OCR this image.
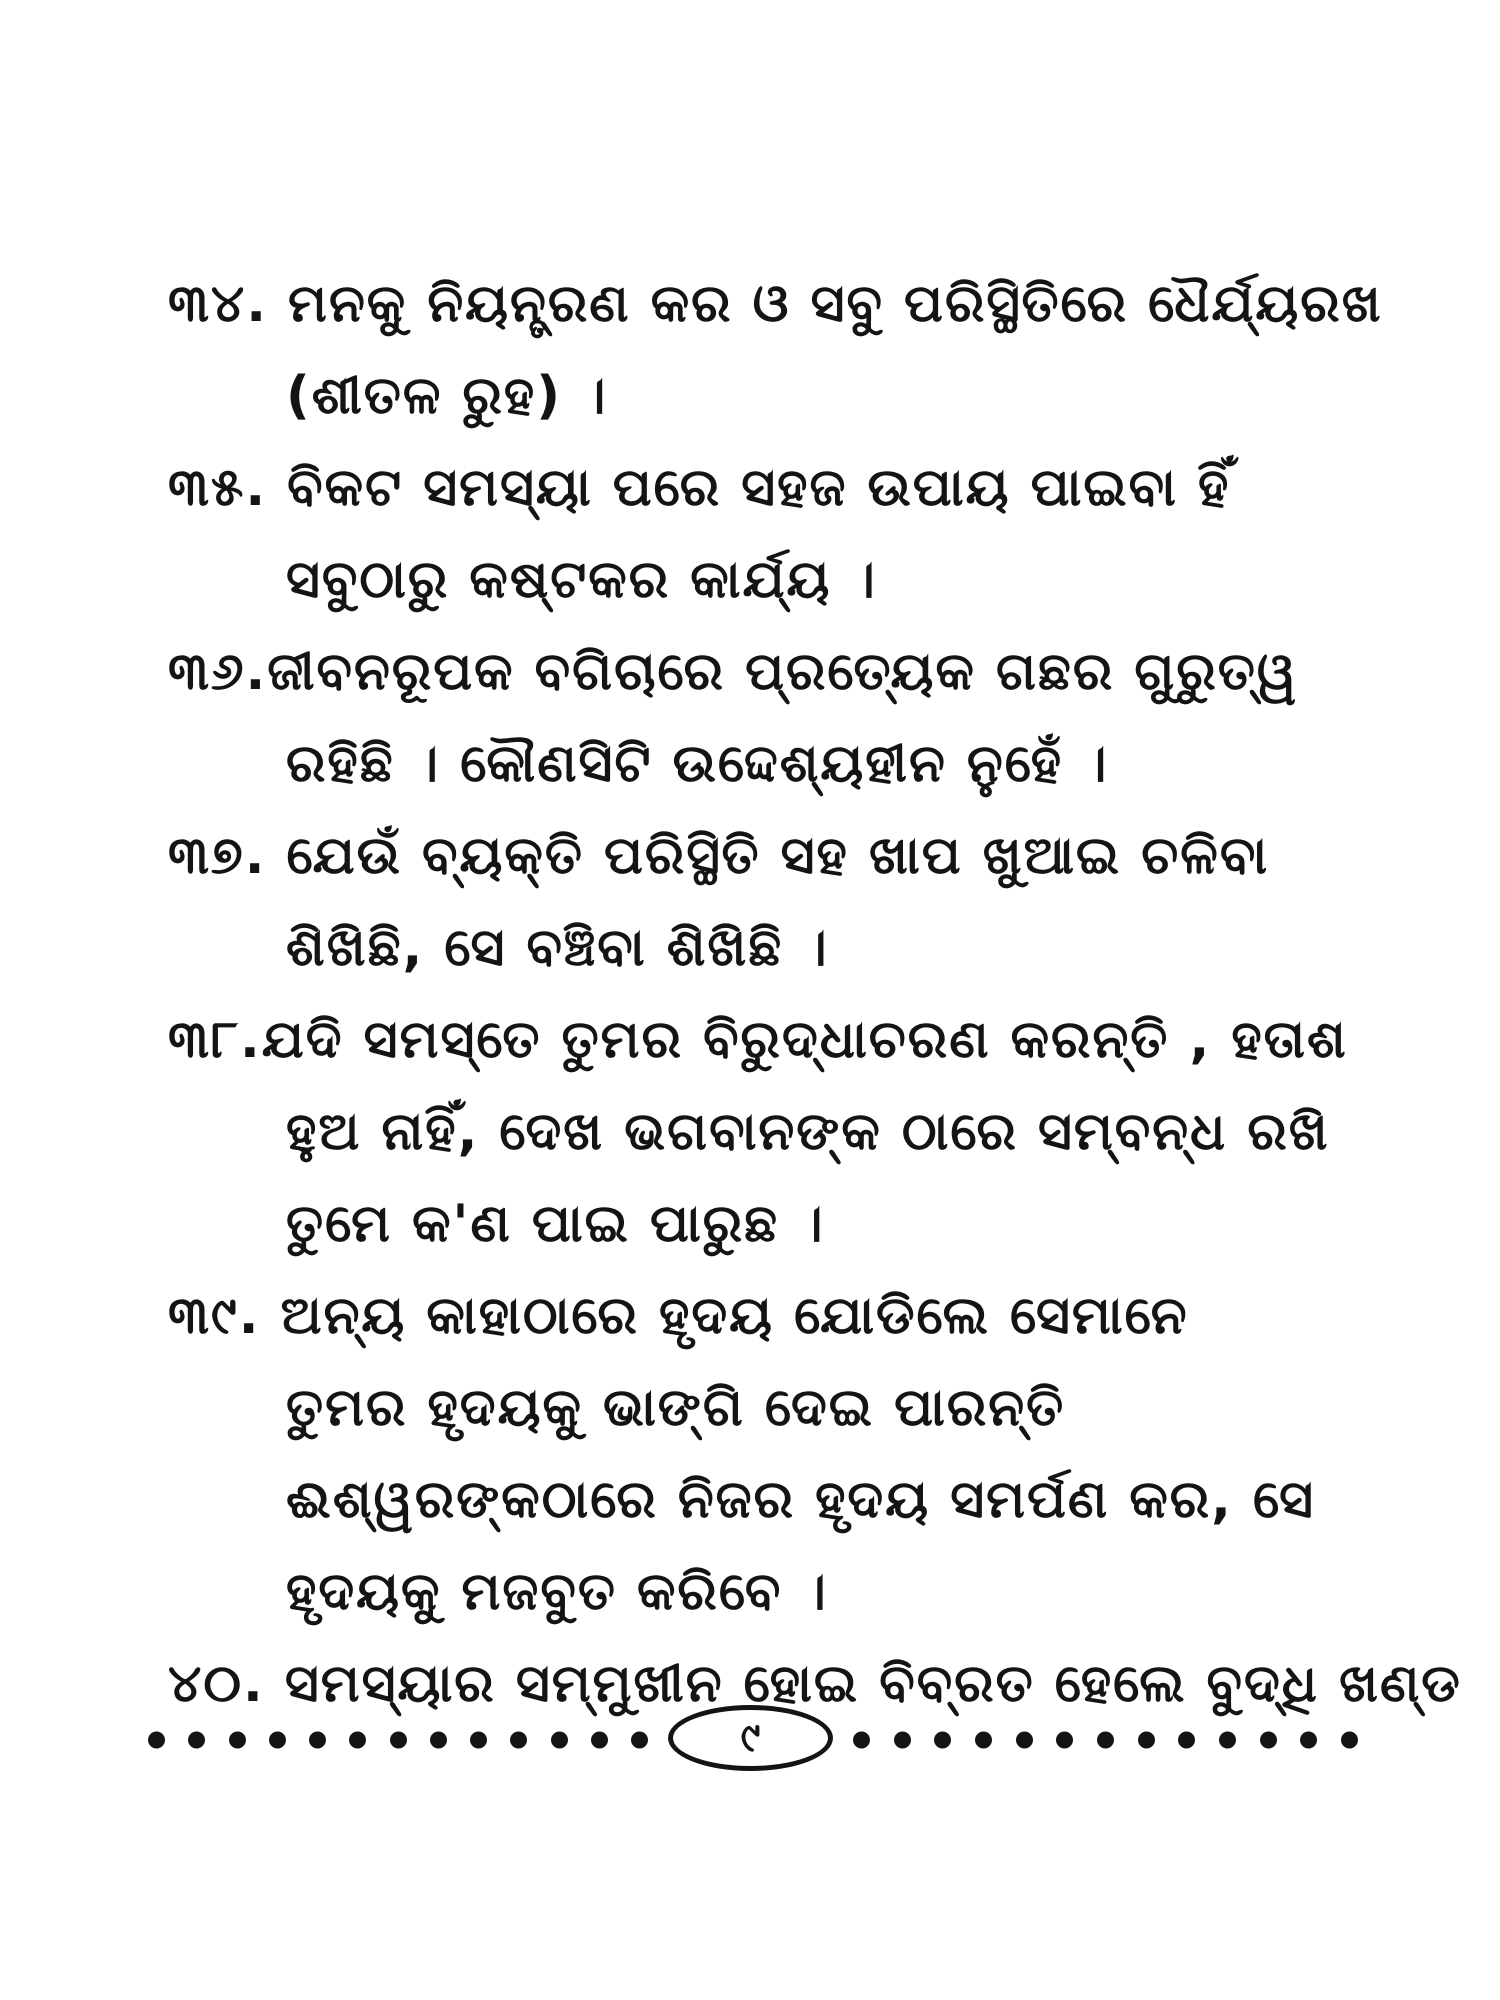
୩୪. ମନକୁ ନିୟନ୍ତ୍ରଣ କର ଓ ସବୁ ପରିସ୍ଥିତିରେ ଧୈର୍ଯ୍ୟରଖ
(ଶୀତଳ ରୁହ) ।
୩୫. ବିକଟ ସମସ୍ୟା ପରେ ସହଜ ଉପାୟ ପାଇବା ହିଁ
ସବୁଠାରୁ କଷ୍ଟକର କାର୍ଯ୍ୟ ।
୩୬.ଜୀବନରୂପକ ବଗିଚାରେ ପ୍ରତ୍ୟେକ ଗଛର ଗୁରୁତ୍ୱ
ରହିଛି । କୌଣସିଟି ଉଦ୍ଦେଶ୍ୟହୀନ ନୁହେଁ ।
୩୭. ଯେଉଁ ବ୍ୟକ୍ତି ପରିସ୍ଥିତି ସହ ଖାପ ଖୁଆଇ ଚଳିବା
ଶିଖିଛି, ସେ ବଞ୍ଚିବା ଶିଖିଛି ।
୩୮.ଯଦି ସମସ୍ତେ ତୁମର ବିରୁଦ୍ଧାଚରଣ କରନ୍ତି , ହତାଶ
ହୁଅ ନାହିଁ, ଦେଖ ଭଗବାନଙ୍କ ଠାରେ ସମ୍ବନ୍ଧ ରଖି
ତୁମେ କ'ଣ ପାଇ ପାରୁଛ ।
୩୯. ଅନ୍ୟ କାହାଠାରେ ହୃଦୟ ଯୋଡିଲେ ସେମାନେ
ତୁମର ହୃଦୟକୁ ଭାଙ୍ଗି ଦେଇ ପାରନ୍ତି
ଈଶ୍ୱରଙ୍କଠାରେ ନିଜର ହୃଦୟ ସମର୍ପଣ କର, ସେ
ହୃଦୟକୁ ମଜବୁତ କରିବେ ।
୪୦. ସମସ୍ୟାର ସମ୍ମୁଖୀନ ହୋଇ ବିବ୍ରତ ହେଲେ ବୁଦ୍ଧି ଖଣ୍ଡ
୯
